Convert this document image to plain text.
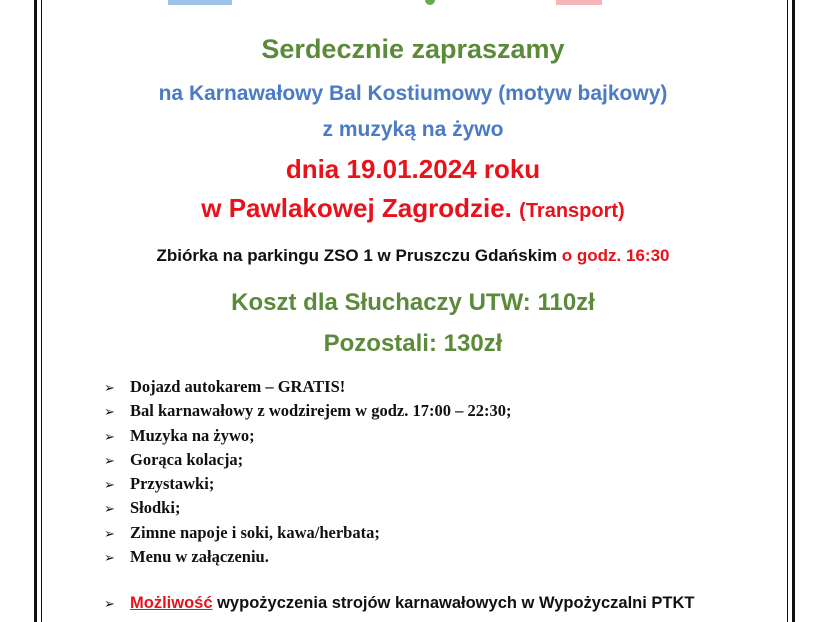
Serdecznie zapraszamy
na Karnawałowy Bal Kostiumowy (motyw bajkowy)
z muzyką na żywo
dnia 19.01.2024 roku
w Pawlakowej Zagrodzie. (Transport)
Zbiórka na parkingu ZSO 1 w Pruszczu Gdańskim o godz. 16:30
Koszt dla Słuchaczy UTW: 110zł
Pozostali: 130zł
➢ Dojazd autokarem – GRATIS!
➢ Bal karnawałowy z wodzirejem w godz. 17:00 – 22:30;
➢ Muzyka na żywo;
➢ Gorąca kolacja;
➢ Przystawki;
➢ Słodki;
➢ Zimne napoje i soki, kawa/herbata;
➢ Menu w załączeniu.
➢ Możliwość wypożyczenia strojów karnawałowych w Wypożyczalni PTKT
